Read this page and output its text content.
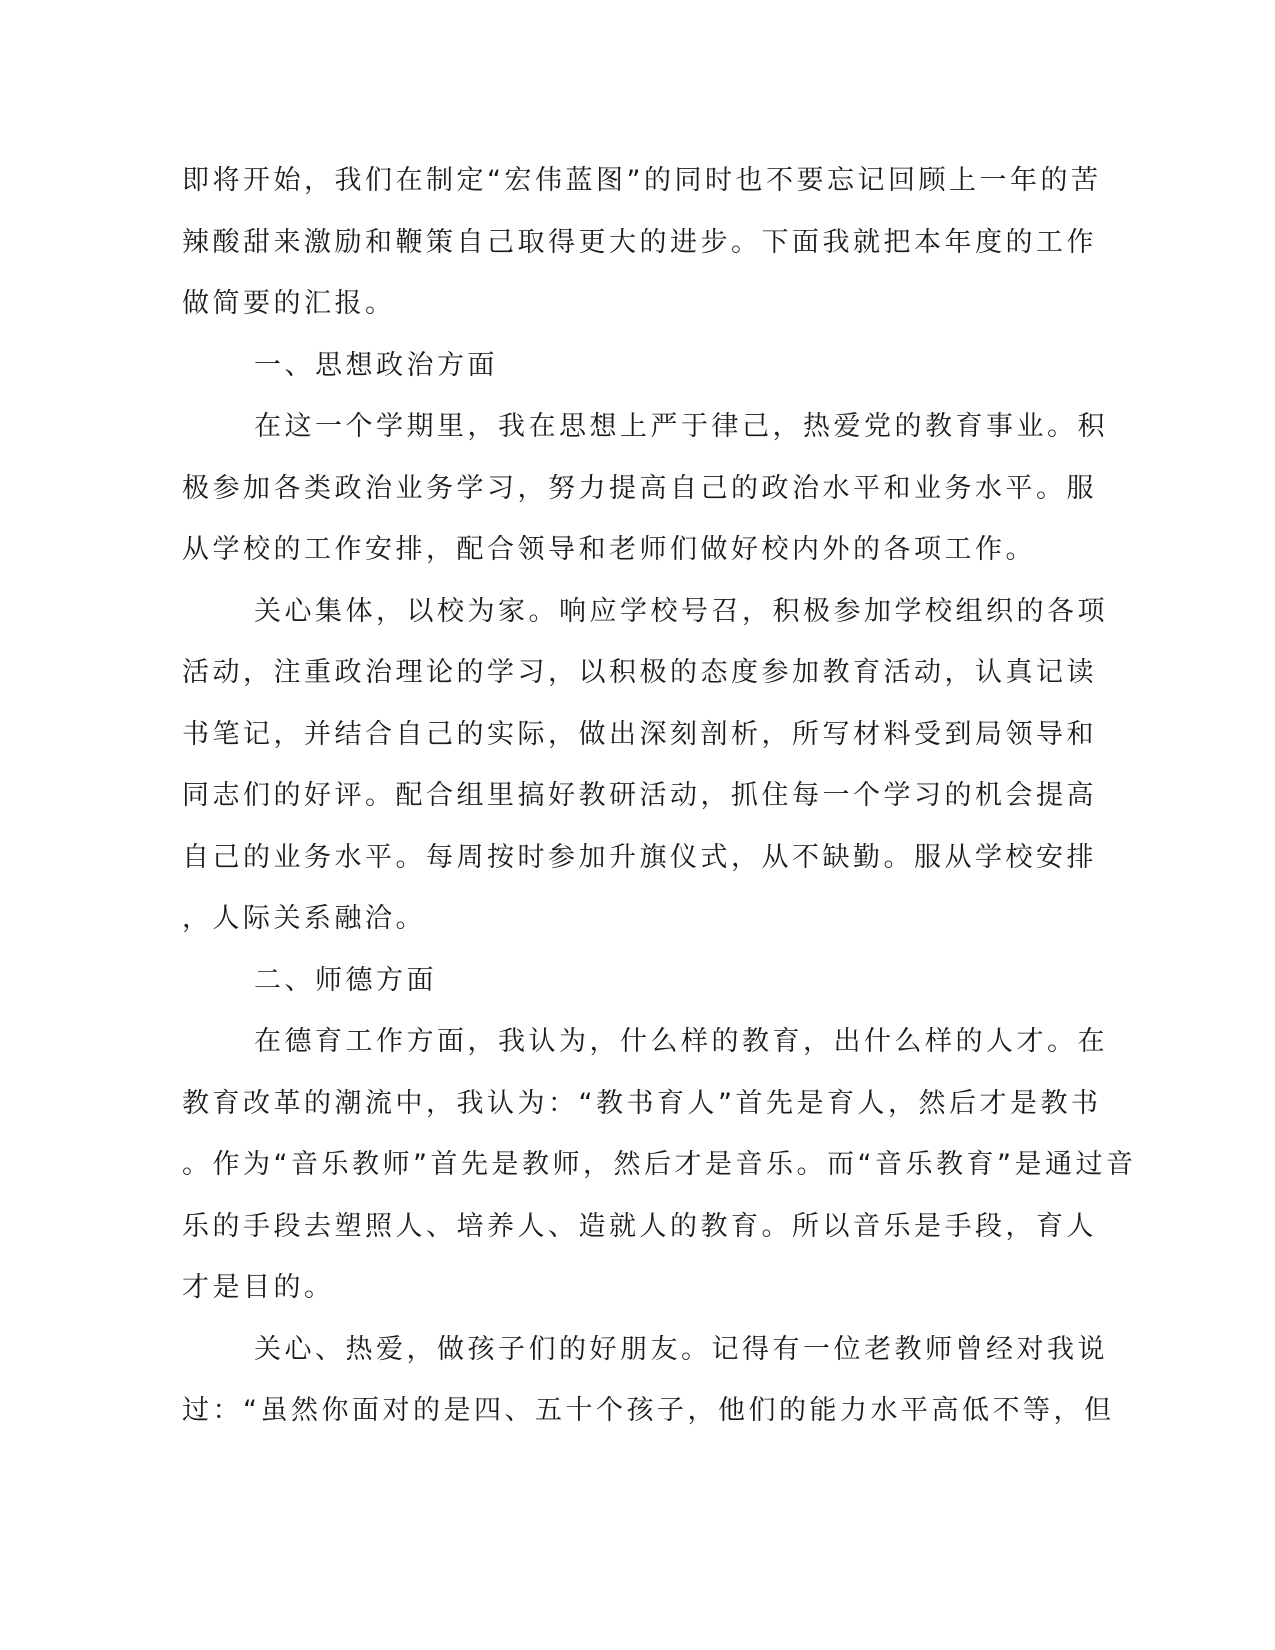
即将开始，我们在制定“宏伟蓝图”的同时也不要忘记回顾上一年的苦
辣酸甜来激励和鞭策自己取得更大的进步。下面我就把本年度的工作
做简要的汇报。
一、思想政治方面
在这一个学期里，我在思想上严于律己，热爱党的教育事业。积
极参加各类政治业务学习，努力提高自己的政治水平和业务水平。服
从学校的工作安排，配合领导和老师们做好校内外的各项工作。
关心集体，以校为家。响应学校号召，积极参加学校组织的各项
活动，注重政治理论的学习，以积极的态度参加教育活动，认真记读
书笔记，并结合自己的实际，做出深刻剖析，所写材料受到局领导和
同志们的好评。配合组里搞好教研活动，抓住每一个学习的机会提高
自己的业务水平。每周按时参加升旗仪式，从不缺勤。服从学校安排
，人际关系融洽。
二、师德方面
在德育工作方面，我认为，什么样的教育，出什么样的人才。在
教育改革的潮流中，我认为：“教书育人”首先是育人，然后才是教书
。作为“音乐教师”首先是教师，然后才是音乐。而“音乐教育”是通过音
乐的手段去塑照人、培养人、造就人的教育。所以音乐是手段，育人
才是目的。
关心、热爱，做孩子们的好朋友。记得有一位老教师曾经对我说
过：“虽然你面对的是四、五十个孩子，他们的能力水平高低不等，但
